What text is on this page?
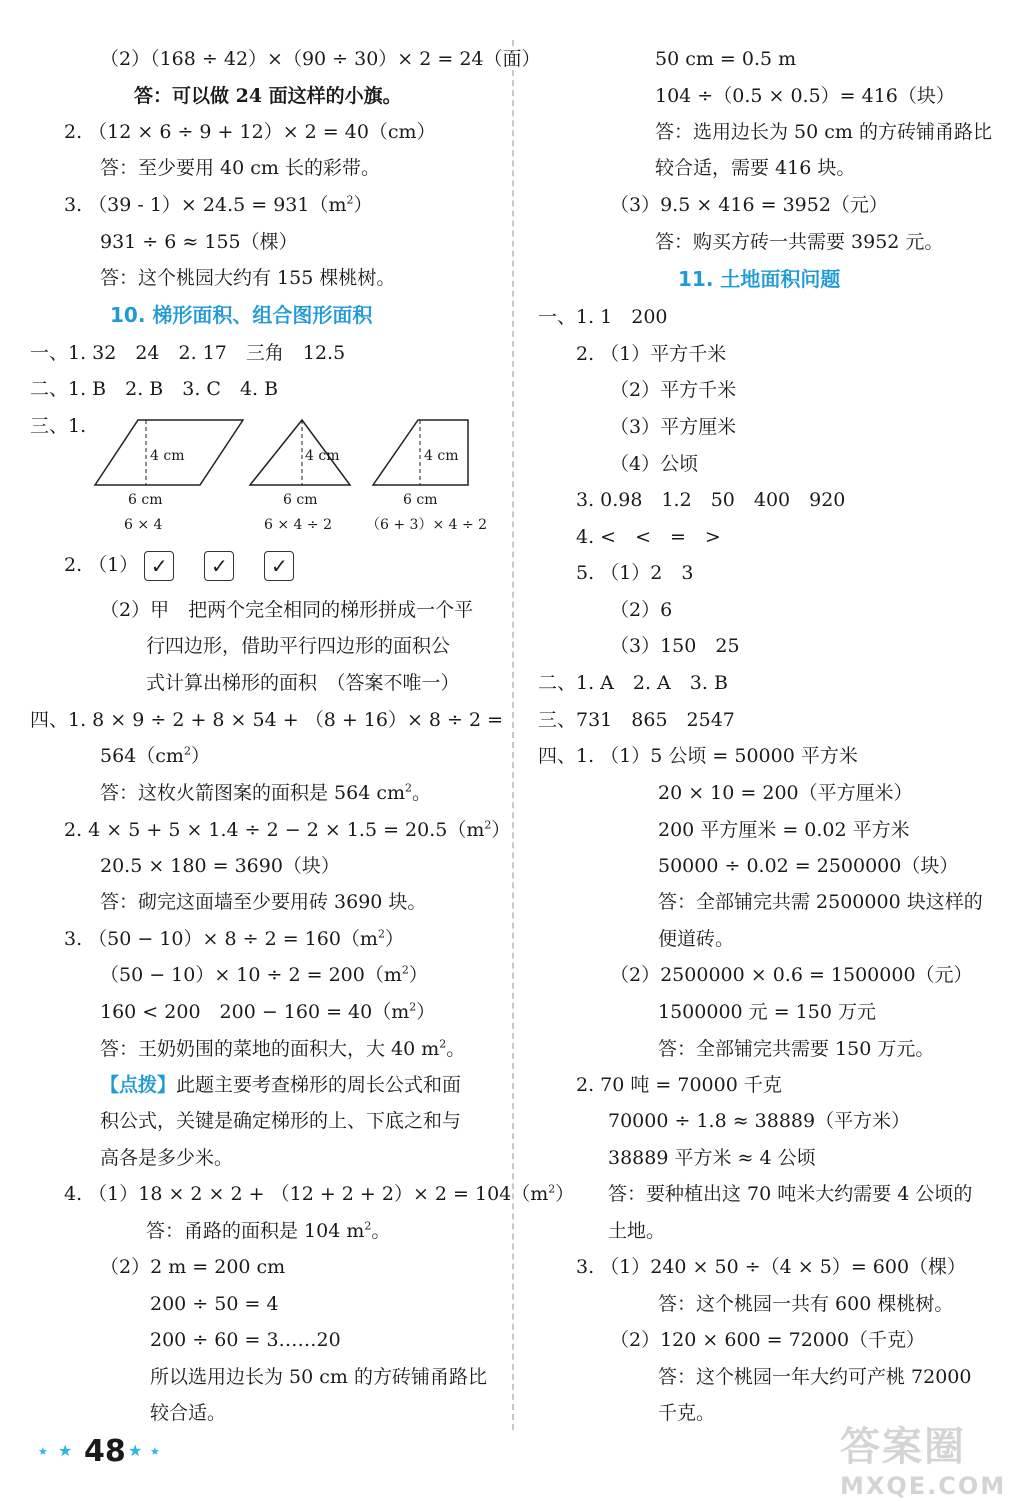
（2）（168 ÷ 42）×（90 ÷ 30）× 2 = 24（面）
答：可以做 24 面这样的小旗。
2. （12 × 6 ÷ 9 + 12）× 2 = 40（cm）
答：至少要用 40 cm 长的彩带。
3. $(39 - 1)\times 24.5 = 931(m^2)$
931 ÷ 6 ≈ 155（棵）
答：这个桃园大约有 155 棵桃树。
10. 梯形面积、组合图形面积
一、1. 32　24　2. 17　三角　12.5
二、1. B　2. B　3. C　4. B
三、1.
4 cm	4 cm	4 cm
6 cm	6 cm	6 cm
6 × 4	6 × 4 ÷ 2 （6 + 3）× 4 ÷ 2
2. （1） ✓ ✓ ✓
（2）甲　把两个完全相同的梯形拼成一个平
行四边形，借助平行四边形的面积公
式计算出梯形的面积　（答案不唯一）
四、1. 8 × 9 ÷ 2 + 8 × 54 + （8 + 16）× 8 ÷ 2 =
$564(cm^2)$
答：这枚火箭图案的面积是 564 $cm^2$。
2. $4 \times 5 + 5 \times 1.4 \div 2 - 2 \times 1.5 = 20.5(m^2)$
20.5 × 180 = 3690（块）
答：砌完这面墙至少要用砖 3690 块。
3. $(50 - 10)\times 8 \div 2 = 160(m^2)$
$(50 - 10)\times 10 \div 2 = 200(m^2)$
160 < 200　$200 - 160 = 40(m^2)$
答：王奶奶围的菜地的面积大，大 40 $m^2$。
【点拨】此题主要考查梯形的周长公式和面
积公式，关键是确定梯形的上、下底之和与
高各是多少米。
4. $(1)18 \times 2 \times 2 + (12 + 2 + 2)\times 2 = 104(m^2)$
答：甬路的面积是 104 $m^2$。
（2）2 m = 200 cm
200 ÷ 50 = 4
200 ÷ 60 = 3……20
所以选用边长为 50 cm 的方砖铺甬路比
较合适。
50 cm = 0.5 m
104 ÷（0.5 × 0.5）= 416（块）
答：选用边长为 50 cm 的方砖铺甬路比
较合适，需要 416 块。
（3）9.5 × 416 = 3952（元）
答：购买方砖一共需要 3952 元。
11. 土地面积问题
一、1. 1　200
2. （1）平方千米
（2）平方千米
（3）平方厘米
（4）公顷
3. 0.98　1.2　50　400　920
4. <　<　=　>
5. （1）2　3
（2）6
（3）150　25
二、1. A　2. A　3. B
三、731　865　2547
四、1. （1）5 公顷 = 50000 平方米
20 × 10 = 200（平方厘米）
200 平方厘米 = 0.02 平方米
50000 ÷ 0.02 = 2500000（块）
答：全部铺完共需 2500000 块这样的
便道砖。
（2）2500000 × 0.6 = 1500000（元）
1500000 元 = 150 万元
答：全部铺完共需要 150 万元。
2. 70 吨 = 70000 千克
70000 ÷ 1.8 ≈ 38889（平方米）
38889 平方米 ≈ 4 公顷
答：要种植出这 70 吨米大约需要 4 公顷的
土地。
3. （1）240 × 50 ÷（4 × 5）= 600（棵）
答：这个桃园一共有 600 棵桃树。
（2）120 × 600 = 72000（千克）
答：这个桃园一年大约可产桃 72000
千克。
★ ★ 48 ★ ★	答案圈
MXQE.COM
